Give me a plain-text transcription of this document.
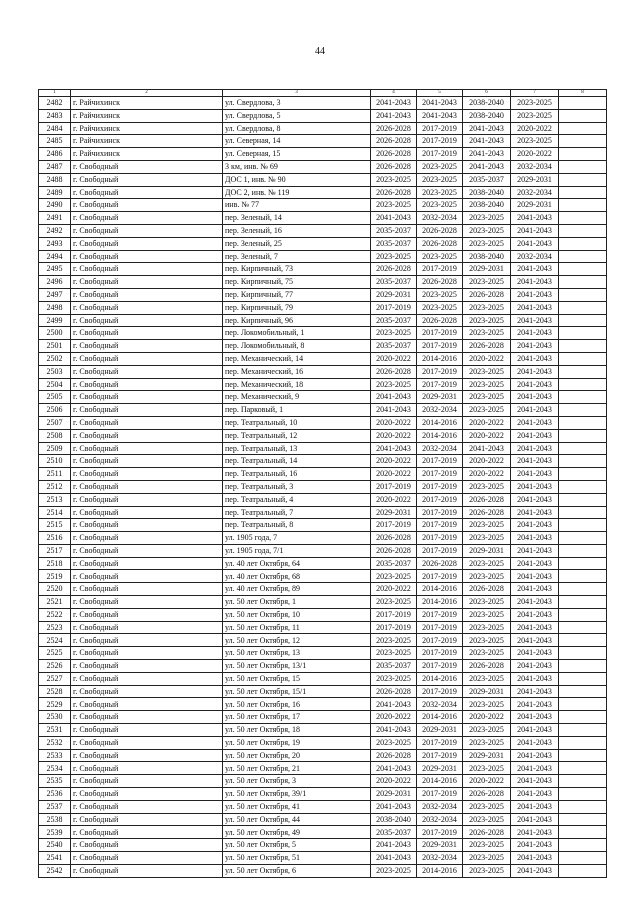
44
1	2	3	4	5	6	7	8
2482	г. Райчихинск	ул. Свердлова, 3	2041-2043	2041-2043	2038-2040	2023-2025	
2483	г. Райчихинск	ул. Свердлова, 5	2041-2043	2041-2043	2038-2040	2023-2025	
2484	г. Райчихинск	ул. Свердлова, 8	2026-2028	2017-2019	2041-2043	2020-2022	
2485	г. Райчихинск	ул. Северная, 14	2026-2028	2017-2019	2041-2043	2023-2025	
2486	г. Райчихинск	ул. Северная, 15	2026-2028	2017-2019	2041-2043	2020-2022	
2487	г. Свободный	3 км, инв. № 69	2026-2028	2023-2025	2041-2043	2032-2034	
2488	г. Свободный	ДОС 1, инв. № 90	2023-2025	2023-2025	2035-2037	2029-2031	
2489	г. Свободный	ДОС 2, инв. № 119	2026-2028	2023-2025	2038-2040	2032-2034	
2490	г. Свободный	инв. № 77	2023-2025	2023-2025	2038-2040	2029-2031	
2491	г. Свободный	пер. Зеленый, 14	2041-2043	2032-2034	2023-2025	2041-2043	
2492	г. Свободный	пер. Зеленый, 16	2035-2037	2026-2028	2023-2025	2041-2043	
2493	г. Свободный	пер. Зеленый, 25	2035-2037	2026-2028	2023-2025	2041-2043	
2494	г. Свободный	пер. Зеленый, 7	2023-2025	2023-2025	2038-2040	2032-2034	
2495	г. Свободный	пер. Кирпичный, 73	2026-2028	2017-2019	2029-2031	2041-2043	
2496	г. Свободный	пер. Кирпичный, 75	2035-2037	2026-2028	2023-2025	2041-2043	
2497	г. Свободный	пер. Кирпичный, 77	2029-2031	2023-2025	2026-2028	2041-2043	
2498	г. Свободный	пер. Кирпичный, 79	2017-2019	2023-2025	2023-2025	2041-2043	
2499	г. Свободный	пер. Кирпичный, 96	2035-2037	2026-2028	2023-2025	2041-2043	
2500	г. Свободный	пер. Локомобильный, 1	2023-2025	2017-2019	2023-2025	2041-2043	
2501	г. Свободный	пер. Локомобильный, 8	2035-2037	2017-2019	2026-2028	2041-2043	
2502	г. Свободный	пер. Механический, 14	2020-2022	2014-2016	2020-2022	2041-2043	
2503	г. Свободный	пер. Механический, 16	2026-2028	2017-2019	2023-2025	2041-2043	
2504	г. Свободный	пер. Механический, 18	2023-2025	2017-2019	2023-2025	2041-2043	
2505	г. Свободный	пер. Механический, 9	2041-2043	2029-2031	2023-2025	2041-2043	
2506	г. Свободный	пер. Парковый, 1	2041-2043	2032-2034	2023-2025	2041-2043	
2507	г. Свободный	пер. Театральный, 10	2020-2022	2014-2016	2020-2022	2041-2043	
2508	г. Свободный	пер. Театральный, 12	2020-2022	2014-2016	2020-2022	2041-2043	
2509	г. Свободный	пер. Театральный, 13	2041-2043	2032-2034	2041-2043	2041-2043	
2510	г. Свободный	пер. Театральный, 14	2020-2022	2017-2019	2020-2022	2041-2043	
2511	г. Свободный	пер. Театральный, 16	2020-2022	2017-2019	2020-2022	2041-2043	
2512	г. Свободный	пер. Театральный, 3	2017-2019	2017-2019	2023-2025	2041-2043	
2513	г. Свободный	пер. Театральный, 4	2020-2022	2017-2019	2026-2028	2041-2043	
2514	г. Свободный	пер. Театральный, 7	2029-2031	2017-2019	2026-2028	2041-2043	
2515	г. Свободный	пер. Театральный, 8	2017-2019	2017-2019	2023-2025	2041-2043	
2516	г. Свободный	ул. 1905 года, 7	2026-2028	2017-2019	2023-2025	2041-2043	
2517	г. Свободный	ул. 1905 года, 7/1	2026-2028	2017-2019	2029-2031	2041-2043	
2518	г. Свободный	ул. 40 лет Октября, 64	2035-2037	2026-2028	2023-2025	2041-2043	
2519	г. Свободный	ул. 40 лет Октября, 68	2023-2025	2017-2019	2023-2025	2041-2043	
2520	г. Свободный	ул. 40 лет Октября, 89	2020-2022	2014-2016	2026-2028	2041-2043	
2521	г. Свободный	ул. 50 лет Октября, 1	2023-2025	2014-2016	2023-2025	2041-2043	
2522	г. Свободный	ул. 50 лет Октября, 10	2017-2019	2017-2019	2023-2025	2041-2043	
2523	г. Свободный	ул. 50 лет Октября, 11	2017-2019	2017-2019	2023-2025	2041-2043	
2524	г. Свободный	ул. 50 лет Октября, 12	2023-2025	2017-2019	2023-2025	2041-2043	
2525	г. Свободный	ул. 50 лет Октября, 13	2023-2025	2017-2019	2023-2025	2041-2043	
2526	г. Свободный	ул. 50 лет Октября, 13/1	2035-2037	2017-2019	2026-2028	2041-2043	
2527	г. Свободный	ул. 50 лет Октября, 15	2023-2025	2014-2016	2023-2025	2041-2043	
2528	г. Свободный	ул. 50 лет Октября, 15/1	2026-2028	2017-2019	2029-2031	2041-2043	
2529	г. Свободный	ул. 50 лет Октября, 16	2041-2043	2032-2034	2023-2025	2041-2043	
2530	г. Свободный	ул. 50 лет Октября, 17	2020-2022	2014-2016	2020-2022	2041-2043	
2531	г. Свободный	ул. 50 лет Октября, 18	2041-2043	2029-2031	2023-2025	2041-2043	
2532	г. Свободный	ул. 50 лет Октября, 19	2023-2025	2017-2019	2023-2025	2041-2043	
2533	г. Свободный	ул. 50 лет Октября, 20	2026-2028	2017-2019	2029-2031	2041-2043	
2534	г. Свободный	ул. 50 лет Октября, 21	2041-2043	2029-2031	2023-2025	2041-2043	
2535	г. Свободный	ул. 50 лет Октября, 3	2020-2022	2014-2016	2020-2022	2041-2043	
2536	г. Свободный	ул. 50 лет Октября, 39/1	2029-2031	2017-2019	2026-2028	2041-2043	
2537	г. Свободный	ул. 50 лет Октября, 41	2041-2043	2032-2034	2023-2025	2041-2043	
2538	г. Свободный	ул. 50 лет Октября, 44	2038-2040	2032-2034	2023-2025	2041-2043	
2539	г. Свободный	ул. 50 лет Октября, 49	2035-2037	2017-2019	2026-2028	2041-2043	
2540	г. Свободный	ул. 50 лет Октября, 5	2041-2043	2029-2031	2023-2025	2041-2043	
2541	г. Свободный	ул. 50 лет Октября, 51	2041-2043	2032-2034	2023-2025	2041-2043	
2542	г. Свободный	ул. 50 лет Октября, 6	2023-2025	2014-2016	2023-2025	2041-2043	
